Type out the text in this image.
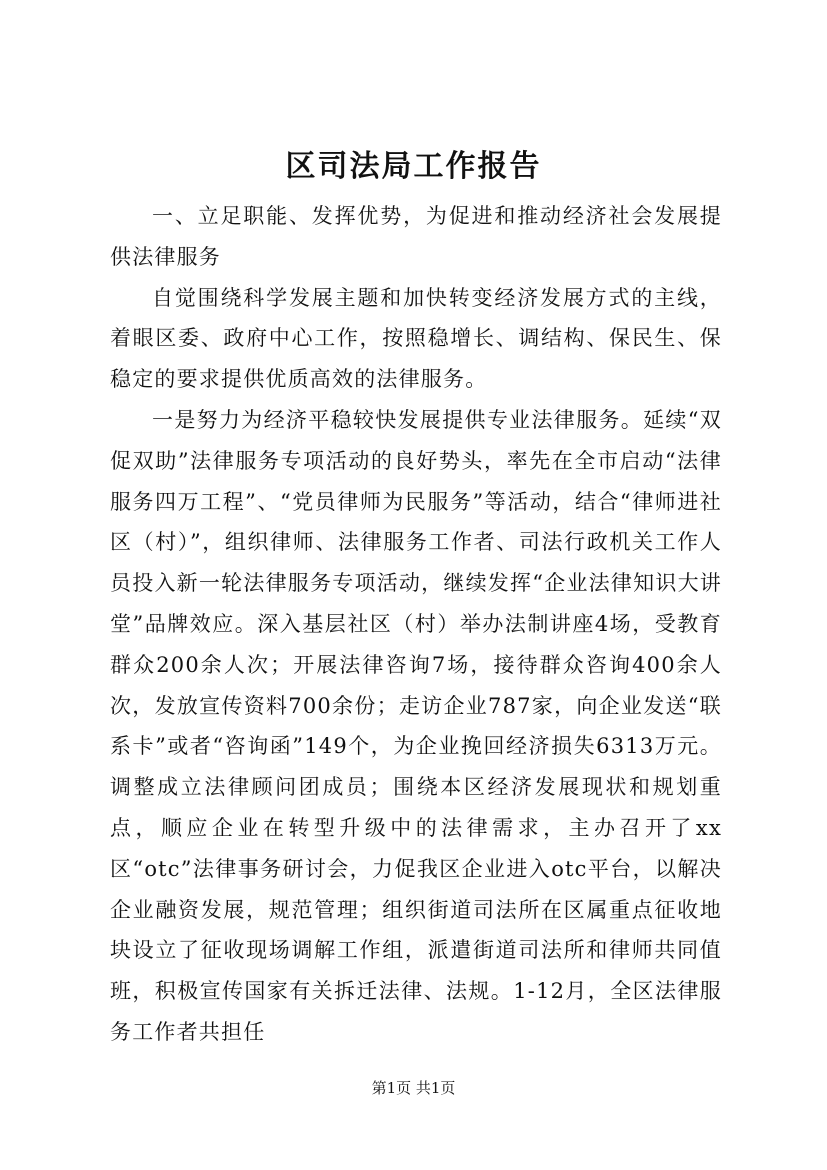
区司法局工作报告

一、立足职能、发挥优势，为促进和推动经济社会发展提供法律服务

自觉围绕科学发展主题和加快转变经济发展方式的主线，着眼区委、政府中心工作，按照稳增长、调结构、保民生、保稳定的要求提供优质高效的法律服务。

一是努力为经济平稳较快发展提供专业法律服务。延续“双促双助”法律服务专项活动的良好势头，率先在全市启动“法律服务四万工程”、“党员律师为民服务”等活动，结合“律师进社区（村）”，组织律师、法律服务工作者、司法行政机关工作人员投入新一轮法律服务专项活动，继续发挥“企业法律知识大讲堂”品牌效应。深入基层社区（村）举办法制讲座4场，受教育群众200余人次；开展法律咨询7场，接待群众咨询400余人次，发放宣传资料700余份；走访企业787家，向企业发送“联系卡”或者“咨询函”149个，为企业挽回经济损失6313万元。调整成立法律顾问团成员；围绕本区经济发展现状和规划重点，顺应企业在转型升级中的法律需求，主办召开了xx区“otc”法律事务研讨会，力促我区企业进入otc平台，以解决企业融资发展，规范管理；组织街道司法所在区属重点征收地块设立了征收现场调解工作组，派遣街道司法所和律师共同值班，积极宣传国家有关拆迁法律、法规。1-12月，全区法律服务工作者共担任

第1页 共1页
